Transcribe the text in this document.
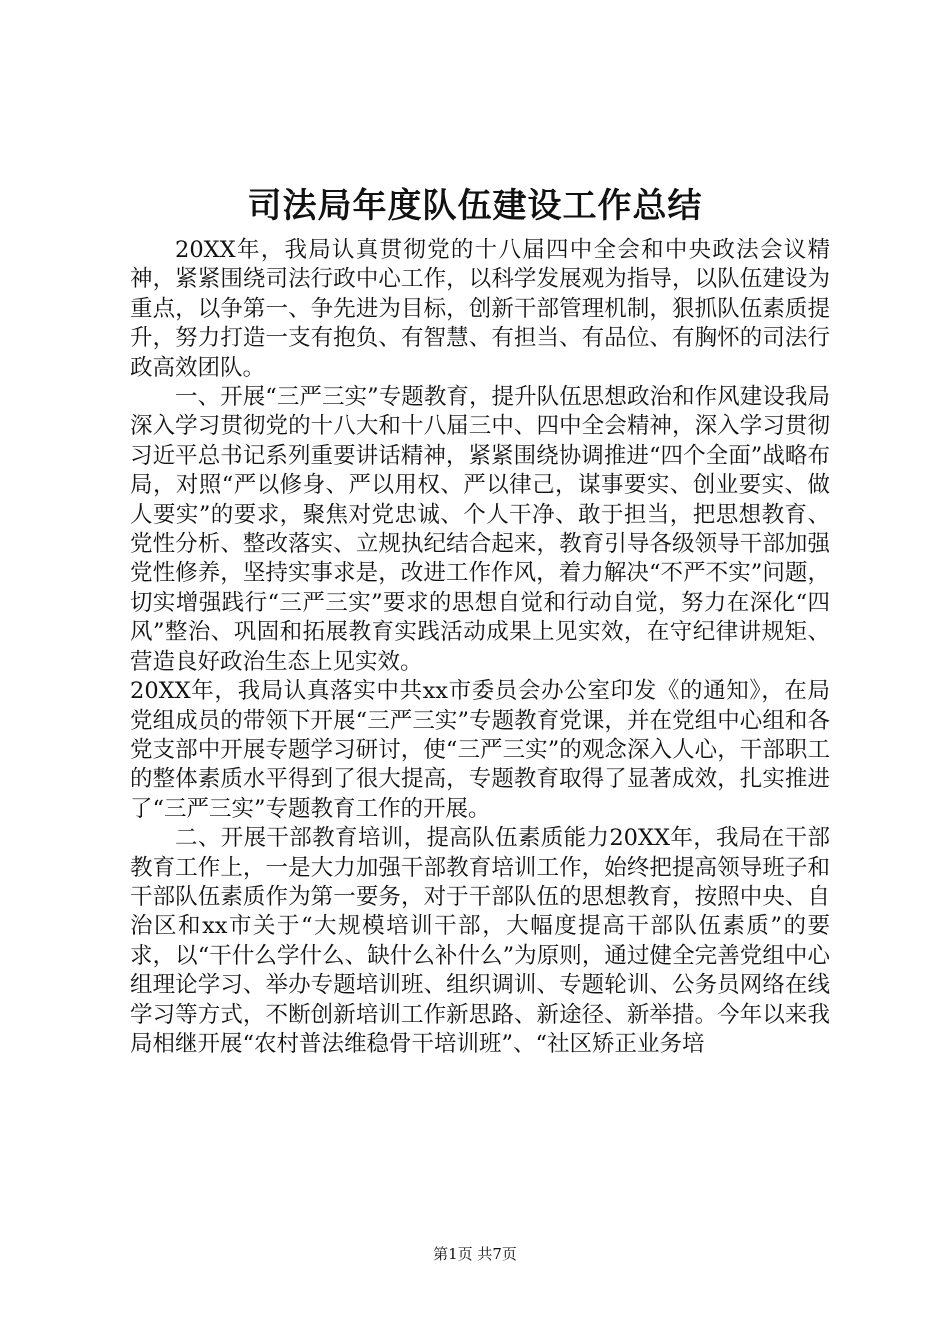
司法局年度队伍建设工作总结

20XX年，我局认真贯彻党的十八届四中全会和中央政法会议精神，紧紧围绕司法行政中心工作，以科学发展观为指导，以队伍建设为重点，以争第一、争先进为目标，创新干部管理机制，狠抓队伍素质提升，努力打造一支有抱负、有智慧、有担当、有品位、有胸怀的司法行政高效团队。

一、开展“三严三实”专题教育，提升队伍思想政治和作风建设我局深入学习贯彻党的十八大和十八届三中、四中全会精神，深入学习贯彻习近平总书记系列重要讲话精神，紧紧围绕协调推进“四个全面”战略布局，对照“严以修身、严以用权、严以律己，谋事要实、创业要实、做人要实”的要求，聚焦对党忠诚、个人干净、敢于担当，把思想教育、党性分析、整改落实、立规执纪结合起来，教育引导各级领导干部加强党性修养，坚持实事求是，改进工作作风，着力解决“不严不实”问题，切实增强践行“三严三实”要求的思想自觉和行动自觉，努力在深化“四风”整治、巩固和拓展教育实践活动成果上见实效，在守纪律讲规矩、营造良好政治生态上见实效。

20XX年，我局认真落实中共xx市委员会办公室印发《的通知》，在局党组成员的带领下开展“三严三实”专题教育党课，并在党组中心组和各党支部中开展专题学习研讨，使“三严三实”的观念深入人心，干部职工的整体素质水平得到了很大提高，专题教育取得了显著成效，扎实推进了“三严三实”专题教育工作的开展。

二、开展干部教育培训，提高队伍素质能力20XX年，我局在干部教育工作上，一是大力加强干部教育培训工作，始终把提高领导班子和干部队伍素质作为第一要务，对于干部队伍的思想教育，按照中央、自治区和xx市关于“大规模培训干部，大幅度提高干部队伍素质”的要求，以“干什么学什么、缺什么补什么”为原则，通过健全完善党组中心组理论学习、举办专题培训班、组织调训、专题轮训、公务员网络在线学习等方式，不断创新培训工作新思路、新途径、新举措。今年以来我局相继开展“农村普法维稳骨干培训班”、“社区矫正业务培

第1页 共7页
